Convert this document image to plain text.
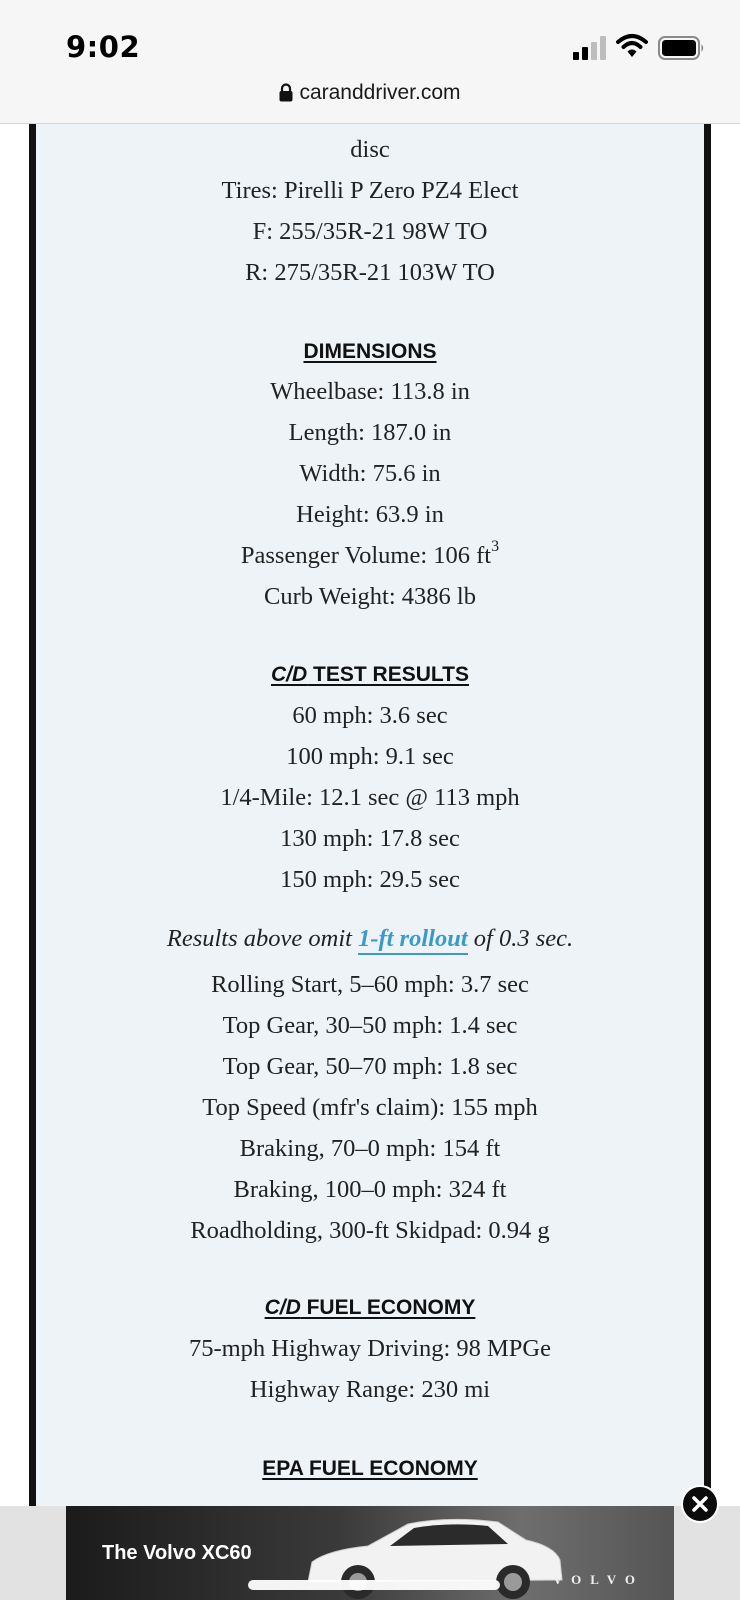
9:02
caranddriver.com
disc
Tires: Pirelli P Zero PZ4 Elect
F: 255/35R-21 98W TO
R: 275/35R-21 103W TO
DIMENSIONS
Wheelbase: 113.8 in
Length: 187.0 in
Width: 75.6 in
Height: 63.9 in
Passenger Volume: 106 $ft^3$
Curb Weight: 4386 lb
C/D TEST RESULTS
60 mph: 3.6 sec
100 mph: 9.1 sec
1/4-Mile: 12.1 sec @ 113 mph
130 mph: 17.8 sec
150 mph: 29.5 sec
Results above omit 1-ft rollout of 0.3 sec.
Rolling Start, 5–60 mph: 3.7 sec
Top Gear, 30–50 mph: 1.4 sec
Top Gear, 50–70 mph: 1.8 sec
Top Speed (mfr's claim): 155 mph
Braking, 70–0 mph: 154 ft
Braking, 100–0 mph: 324 ft
Roadholding, 300-ft Skidpad: 0.94 g
C/D FUEL ECONOMY
75-mph Highway Driving: 98 MPGe
Highway Range: 230 mi
EPA FUEL ECONOMY
The Volvo XC60
VOLVO
